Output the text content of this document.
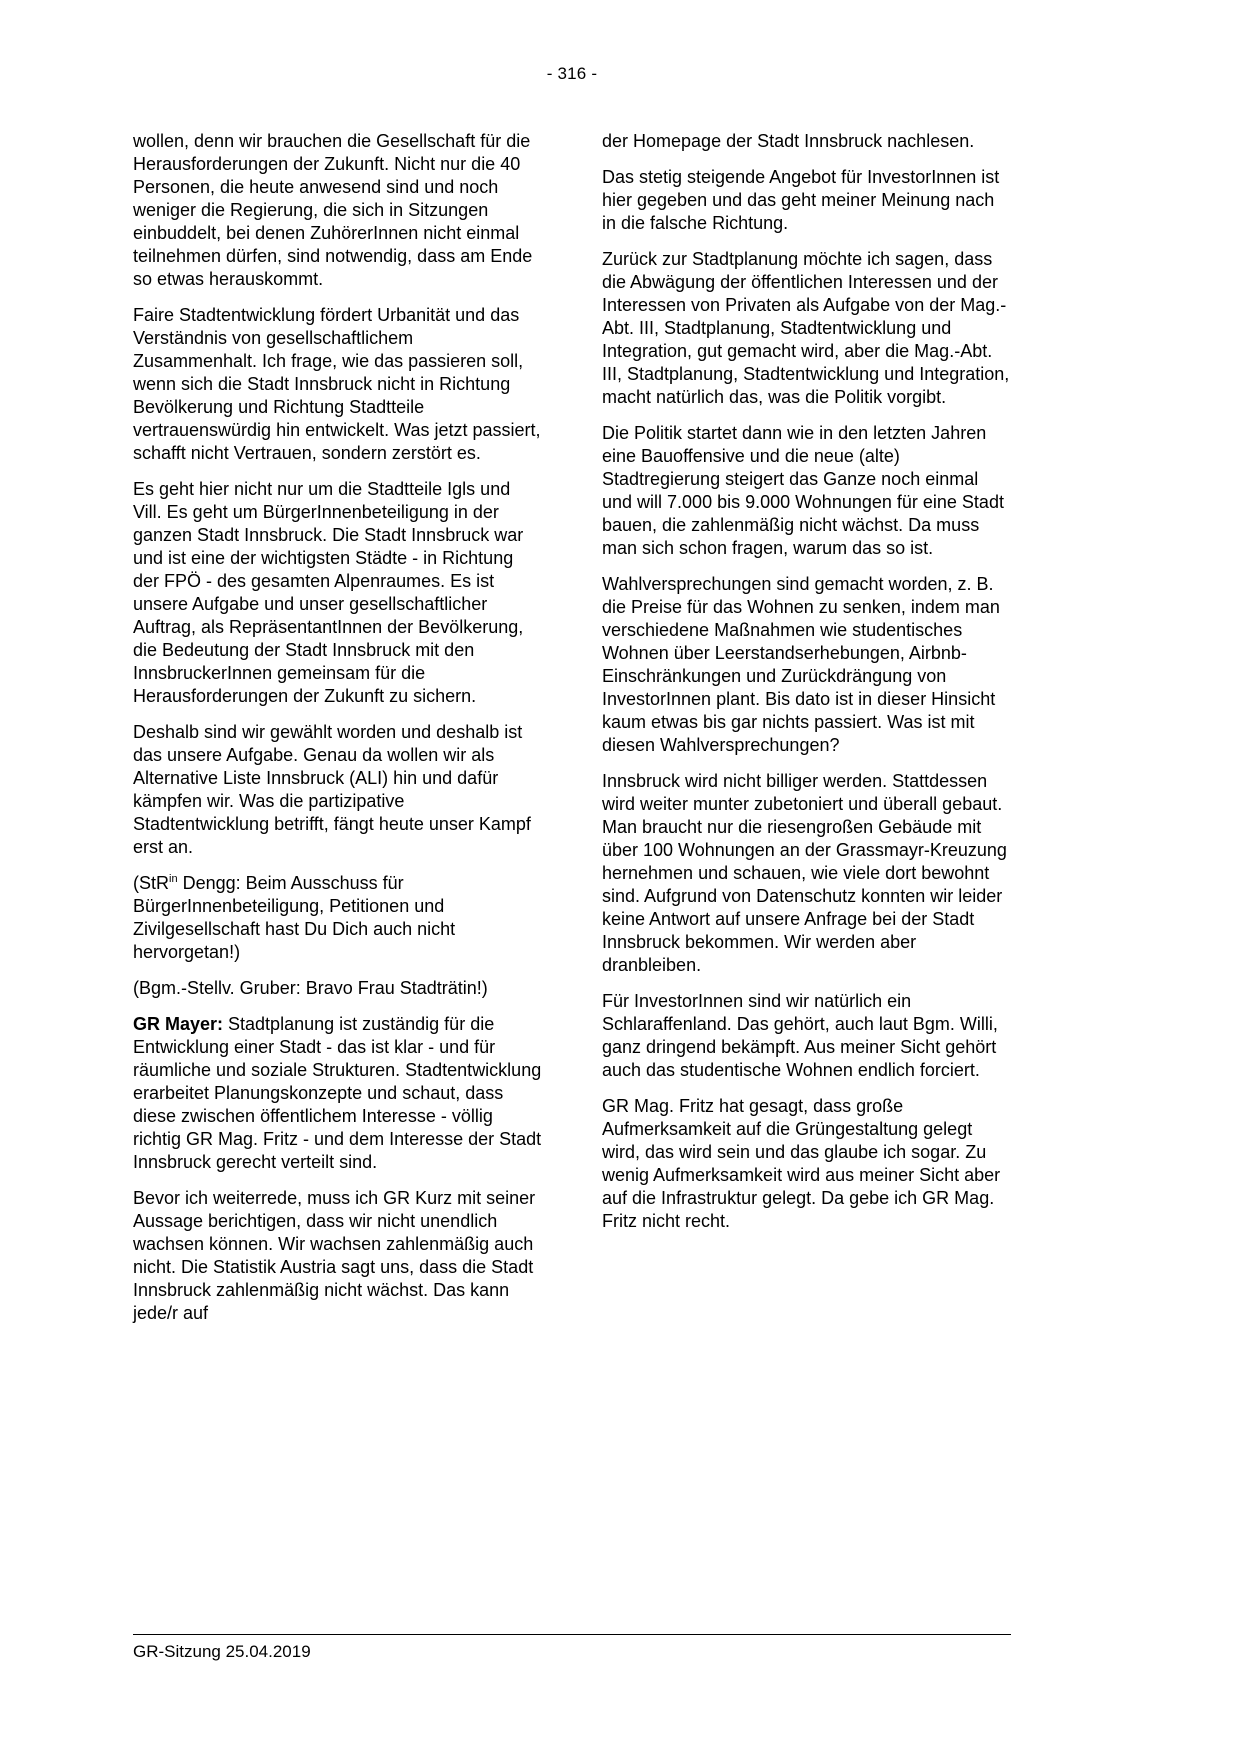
- 316 -

wollen, denn wir brauchen die Gesellschaft für die Herausforderungen der Zukunft. Nicht nur die 40 Personen, die heute anwesend sind und noch weniger die Regierung, die sich in Sitzungen einbuddelt, bei denen ZuhörerInnen nicht einmal teilnehmen dürfen, sind notwendig, dass am Ende so etwas herauskommt.

Faire Stadtentwicklung fördert Urbanität und das Verständnis von gesellschaftlichem Zusammenhalt. Ich frage, wie das passieren soll, wenn sich die Stadt Innsbruck nicht in Richtung Bevölkerung und Richtung Stadtteile vertrauenswürdig hin entwickelt. Was jetzt passiert, schafft nicht Vertrauen, sondern zerstört es.

Es geht hier nicht nur um die Stadtteile Igls und Vill. Es geht um BürgerInnenbeteiligung in der ganzen Stadt Innsbruck. Die Stadt Innsbruck war und ist eine der wichtigsten Städte - in Richtung der FPÖ - des gesamten Alpenraumes. Es ist unsere Aufgabe und unser gesellschaftlicher Auftrag, als RepräsentantInnen der Bevölkerung, die Bedeutung der Stadt Innsbruck mit den InnsbruckerInnen gemeinsam für die Herausforderungen der Zukunft zu sichern.

Deshalb sind wir gewählt worden und deshalb ist das unsere Aufgabe. Genau da wollen wir als Alternative Liste Innsbruck (ALI) hin und dafür kämpfen wir. Was die partizipative Stadtentwicklung betrifft, fängt heute unser Kampf erst an.

(StR$^{in}$ Dengg: Beim Ausschuss für BürgerInnenbeteiligung, Petitionen und Zivilgesellschaft hast Du Dich auch nicht hervorgetan!)

(Bgm.-Stellv. Gruber: Bravo Frau Stadträtin!)

GR Mayer: Stadtplanung ist zuständig für die Entwicklung einer Stadt - das ist klar - und für räumliche und soziale Strukturen. Stadtentwicklung erarbeitet Planungskonzepte und schaut, dass diese zwischen öffentlichem Interesse - völlig richtig GR Mag. Fritz - und dem Interesse der Stadt Innsbruck gerecht verteilt sind.

Bevor ich weiterrede, muss ich GR Kurz mit seiner Aussage berichtigen, dass wir nicht unendlich wachsen können. Wir wachsen zahlenmäßig auch nicht. Die Statistik Austria sagt uns, dass die Stadt Innsbruck zahlenmäßig nicht wächst. Das kann jede/r auf

der Homepage der Stadt Innsbruck nachlesen.

Das stetig steigende Angebot für InvestorInnen ist hier gegeben und das geht meiner Meinung nach in die falsche Richtung.

Zurück zur Stadtplanung möchte ich sagen, dass die Abwägung der öffentlichen Interessen und der Interessen von Privaten als Aufgabe von der Mag.-Abt. III, Stadtplanung, Stadtentwicklung und Integration, gut gemacht wird, aber die Mag.-Abt. III, Stadtplanung, Stadtentwicklung und Integration, macht natürlich das, was die Politik vorgibt.

Die Politik startet dann wie in den letzten Jahren eine Bauoffensive und die neue (alte) Stadtregierung steigert das Ganze noch einmal und will 7.000 bis 9.000 Wohnungen für eine Stadt bauen, die zahlenmäßig nicht wächst. Da muss man sich schon fragen, warum das so ist.

Wahlversprechungen sind gemacht worden, z. B. die Preise für das Wohnen zu senken, indem man verschiedene Maßnahmen wie studentisches Wohnen über Leerstandserhebungen, Airbnb-Einschränkungen und Zurückdrängung von InvestorInnen plant. Bis dato ist in dieser Hinsicht kaum etwas bis gar nichts passiert. Was ist mit diesen Wahlversprechungen?

Innsbruck wird nicht billiger werden. Stattdessen wird weiter munter zubetoniert und überall gebaut. Man braucht nur die riesengroßen Gebäude mit über 100 Wohnungen an der Grassmayr-Kreuzung hernehmen und schauen, wie viele dort bewohnt sind. Aufgrund von Datenschutz konnten wir leider keine Antwort auf unsere Anfrage bei der Stadt Innsbruck bekommen. Wir werden aber dranbleiben.

Für InvestorInnen sind wir natürlich ein Schlaraffenland. Das gehört, auch laut Bgm. Willi, ganz dringend bekämpft. Aus meiner Sicht gehört auch das studentische Wohnen endlich forciert.

GR Mag. Fritz hat gesagt, dass große Aufmerksamkeit auf die Grüngestaltung gelegt wird, das wird sein und das glaube ich sogar. Zu wenig Aufmerksamkeit wird aus meiner Sicht aber auf die Infrastruktur gelegt. Da gebe ich GR Mag. Fritz nicht recht.

GR-Sitzung 25.04.2019
